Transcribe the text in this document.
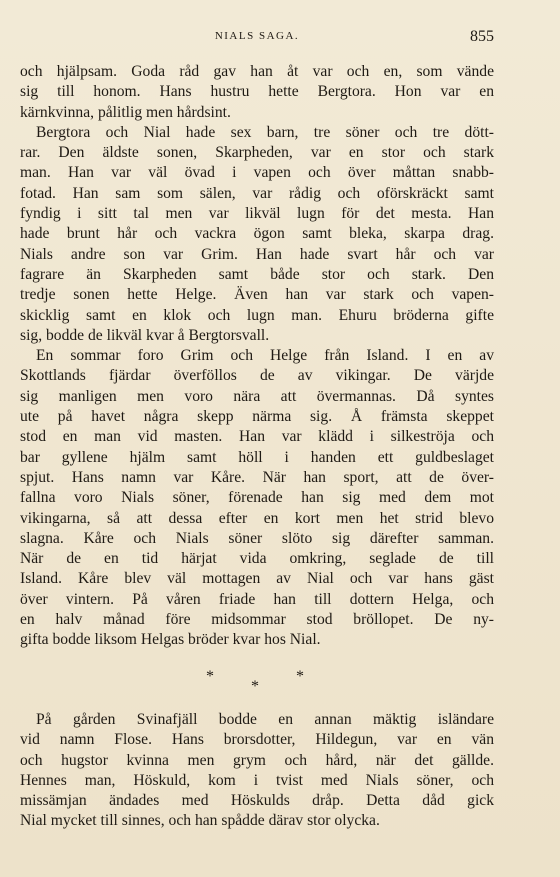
NIALS SAGA.	855
och hjälpsam. Goda råd gav han åt var och en, som vände
sig till honom. Hans hustru hette Bergtora. Hon var en
kärnkvinna, pålitlig men hårdsint.
Bergtora och Nial hade sex barn, tre söner och tre dött-
rar. Den äldste sonen, Skarpheden, var en stor och stark
man. Han var väl övad i vapen och över måttan snabb-
fotad. Han sam som sälen, var rådig och oförskräckt samt
fyndig i sitt tal men var likväl lugn för det mesta. Han
hade brunt hår och vackra ögon samt bleka, skarpa drag.
Nials andre son var Grim. Han hade svart hår och var
fagrare än Skarpheden samt både stor och stark. Den
tredje sonen hette Helge. Även han var stark och vapen-
skicklig samt en klok och lugn man. Ehuru bröderna gifte
sig, bodde de likväl kvar å Bergtorsvall.
En sommar foro Grim och Helge från Island. I en av
Skottlands fjärdar överföllos de av vikingar. De värjde
sig manligen men voro nära att övermannas. Då syntes
ute på havet några skepp närma sig. Å främsta skeppet
stod en man vid masten. Han var klädd i silkeströja och
bar gyllene hjälm samt höll i handen ett guldbeslaget
spjut. Hans namn var Kåre. När han sport, att de över-
fallna voro Nials söner, förenade han sig med dem mot
vikingarna, så att dessa efter en kort men het strid blevo
slagna. Kåre och Nials söner slöto sig därefter samman.
När de en tid härjat vida omkring, seglade de till
Island. Kåre blev väl mottagen av Nial och var hans gäst
över vintern. På våren friade han till dottern Helga, och
en halv månad före midsommar stod bröllopet. De ny-
gifta bodde liksom Helgas bröder kvar hos Nial.
*	*
*
På gården Svinafjäll bodde en annan mäktig isländare
vid namn Flose. Hans brorsdotter, Hildegun, var en vän
och hugstor kvinna men grym och hård, när det gällde.
Hennes man, Höskuld, kom i tvist med Nials söner, och
missämjan ändades med Höskulds dråp. Detta dåd gick
Nial mycket till sinnes, och han spådde därav stor olycka.
